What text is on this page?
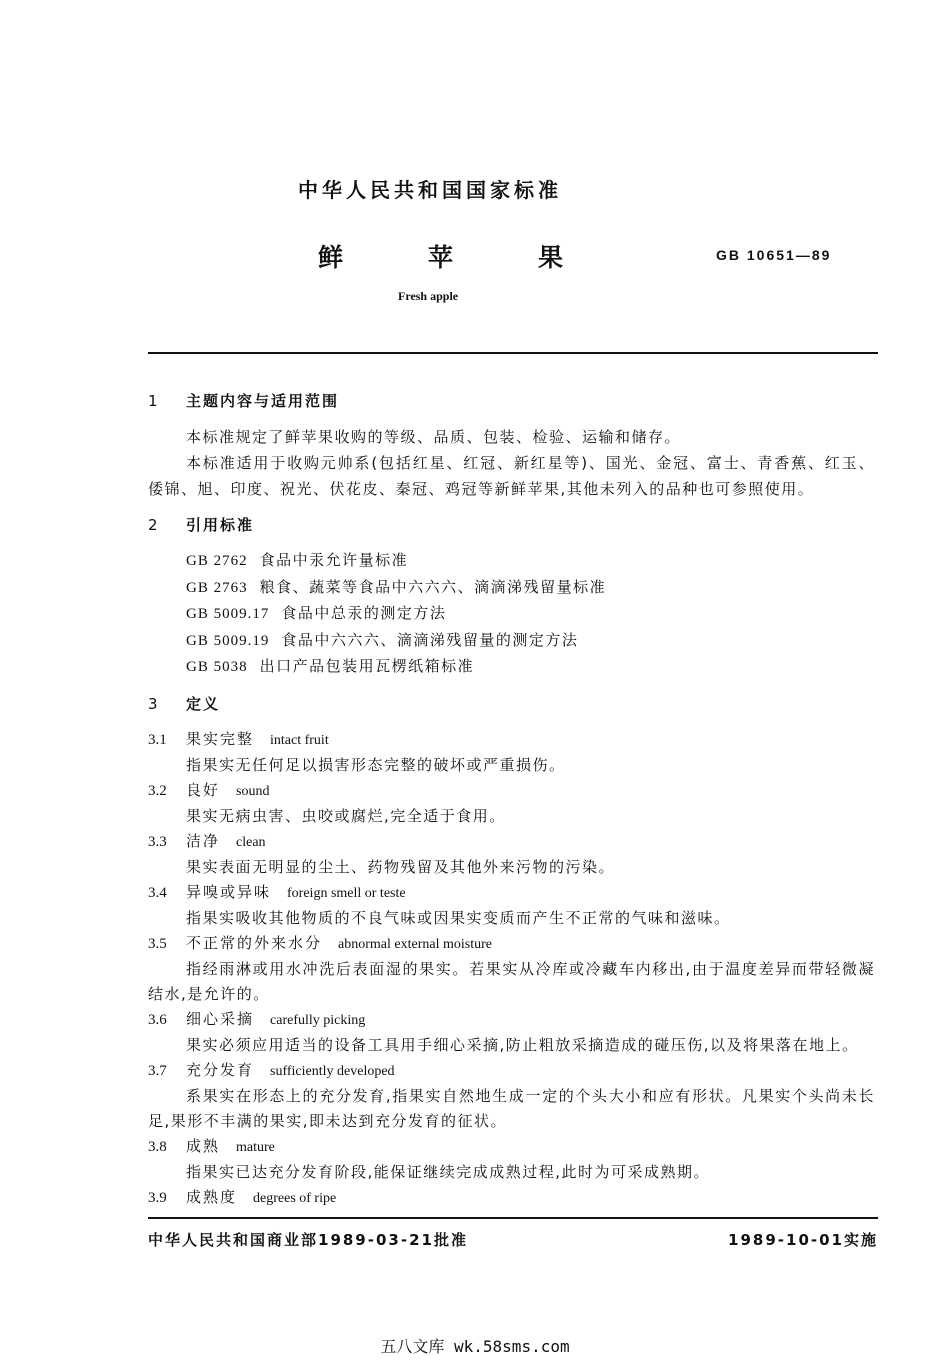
中华人民共和国国家标准
鲜	苹	果	GB 10651—89
Fresh apple
1 主题内容与适用范围
本标准规定了鲜苹果收购的等级、品质、包装、检验、运输和储存。
本标准适用于收购元帅系(包括红星、红冠、新红星等)、国光、金冠、富士、青香蕉、红玉、倭锦、旭、印度、祝光、伏花皮、秦冠、鸡冠等新鲜苹果,其他未列入的品种也可参照使用。
2 引用标准
GB 2762 食品中汞允许量标准
GB 2763 粮食、蔬菜等食品中六六六、滴滴涕残留量标准
GB 5009.17 食品中总汞的测定方法
GB 5009.19 食品中六六六、滴滴涕残留量的测定方法
GB 5038 出口产品包装用瓦楞纸箱标准
3 定义
3.1 果实完整 intact fruit
指果实无任何足以损害形态完整的破坏或严重损伤。
3.2 良好 sound
果实无病虫害、虫咬或腐烂,完全适于食用。
3.3 洁净 clean
果实表面无明显的尘土、药物残留及其他外来污物的污染。
3.4 异嗅或异味 foreign smell or teste
指果实吸收其他物质的不良气味或因果实变质而产生不正常的气味和滋味。
3.5 不正常的外来水分 abnormal external moisture
指经雨淋或用水冲洗后表面湿的果实。若果实从冷库或冷藏车内移出,由于温度差异而带轻微凝结水,是允许的。
3.6 细心采摘 carefully picking
果实必须应用适当的设备工具用手细心采摘,防止粗放采摘造成的碰压伤,以及将果落在地上。
3.7 充分发育 sufficiently developed
系果实在形态上的充分发育,指果实自然地生成一定的个头大小和应有形状。凡果实个头尚未长足,果形不丰满的果实,即未达到充分发育的征状。
3.8 成熟 mature
指果实已达充分发育阶段,能保证继续完成成熟过程,此时为可采成熟期。
3.9 成熟度 degrees of ripe
中华人民共和国商业部1989-03-21批准	1989-10-01实施
五八文库 wk.58sms.com
